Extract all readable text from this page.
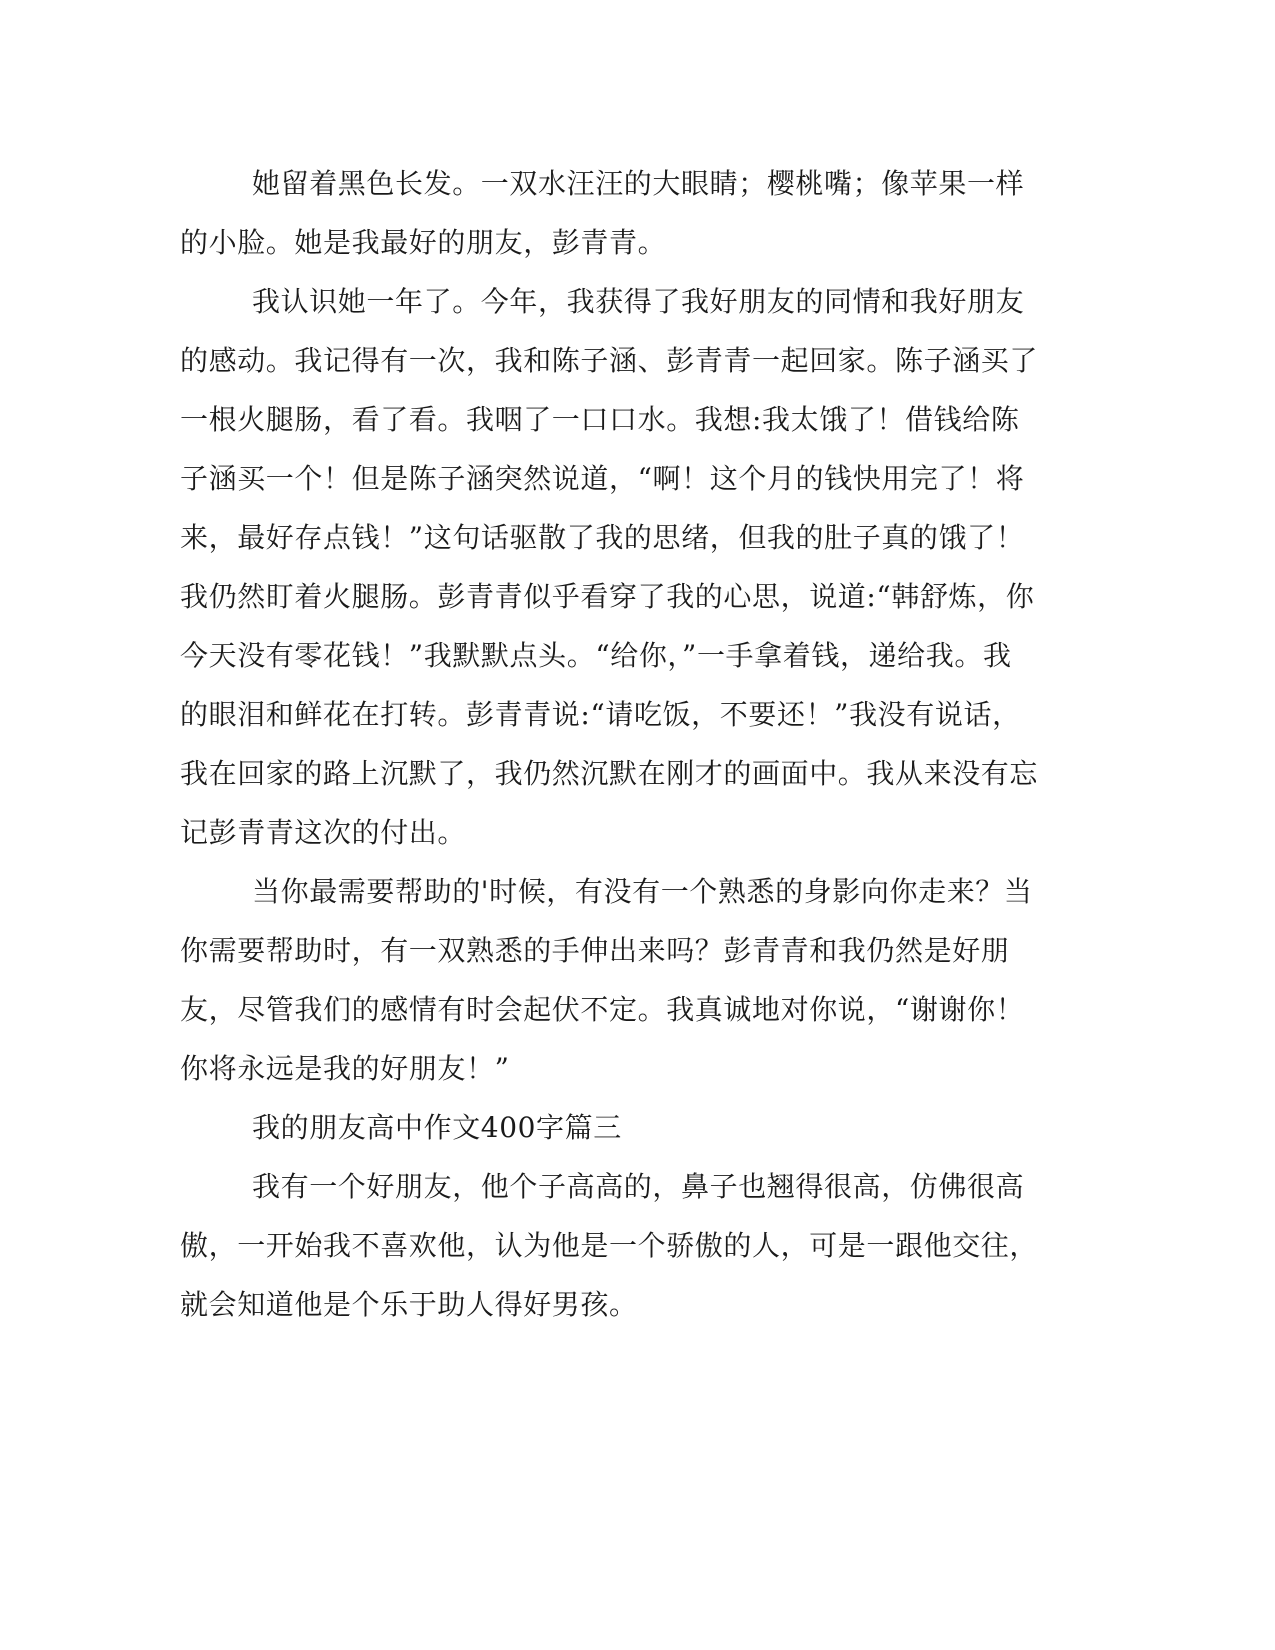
她留着黑色长发。一双水汪汪的大眼睛；樱桃嘴；像苹果一样的小脸。她是我最好的朋友，彭青青。

我认识她一年了。今年，我获得了我好朋友的同情和我好朋友的感动。我记得有一次，我和陈子涵、彭青青一起回家。陈子涵买了一根火腿肠，看了看。我咽了一口口水。我想:我太饿了！借钱给陈子涵买一个！但是陈子涵突然说道，“啊！这个月的钱快用完了！将来，最好存点钱！”这句话驱散了我的思绪，但我的肚子真的饿了！我仍然盯着火腿肠。彭青青似乎看穿了我的心思，说道:“韩舒炼，你今天没有零花钱！”我默默点头。“给你，”一手拿着钱，递给我。我的眼泪和鲜花在打转。彭青青说:“请吃饭，不要还！”我没有说话，我在回家的路上沉默了，我仍然沉默在刚才的画面中。我从来没有忘记彭青青这次的付出。

当你最需要帮助的'时候，有没有一个熟悉的身影向你走来？当你需要帮助时，有一双熟悉的手伸出来吗？彭青青和我仍然是好朋友，尽管我们的感情有时会起伏不定。我真诚地对你说，“谢谢你！你将永远是我的好朋友！”

我的朋友高中作文400字篇三

我有一个好朋友，他个子高高的，鼻子也翘得很高，仿佛很高傲，一开始我不喜欢他，认为他是一个骄傲的人，可是一跟他交往，就会知道他是个乐于助人得好男孩。
